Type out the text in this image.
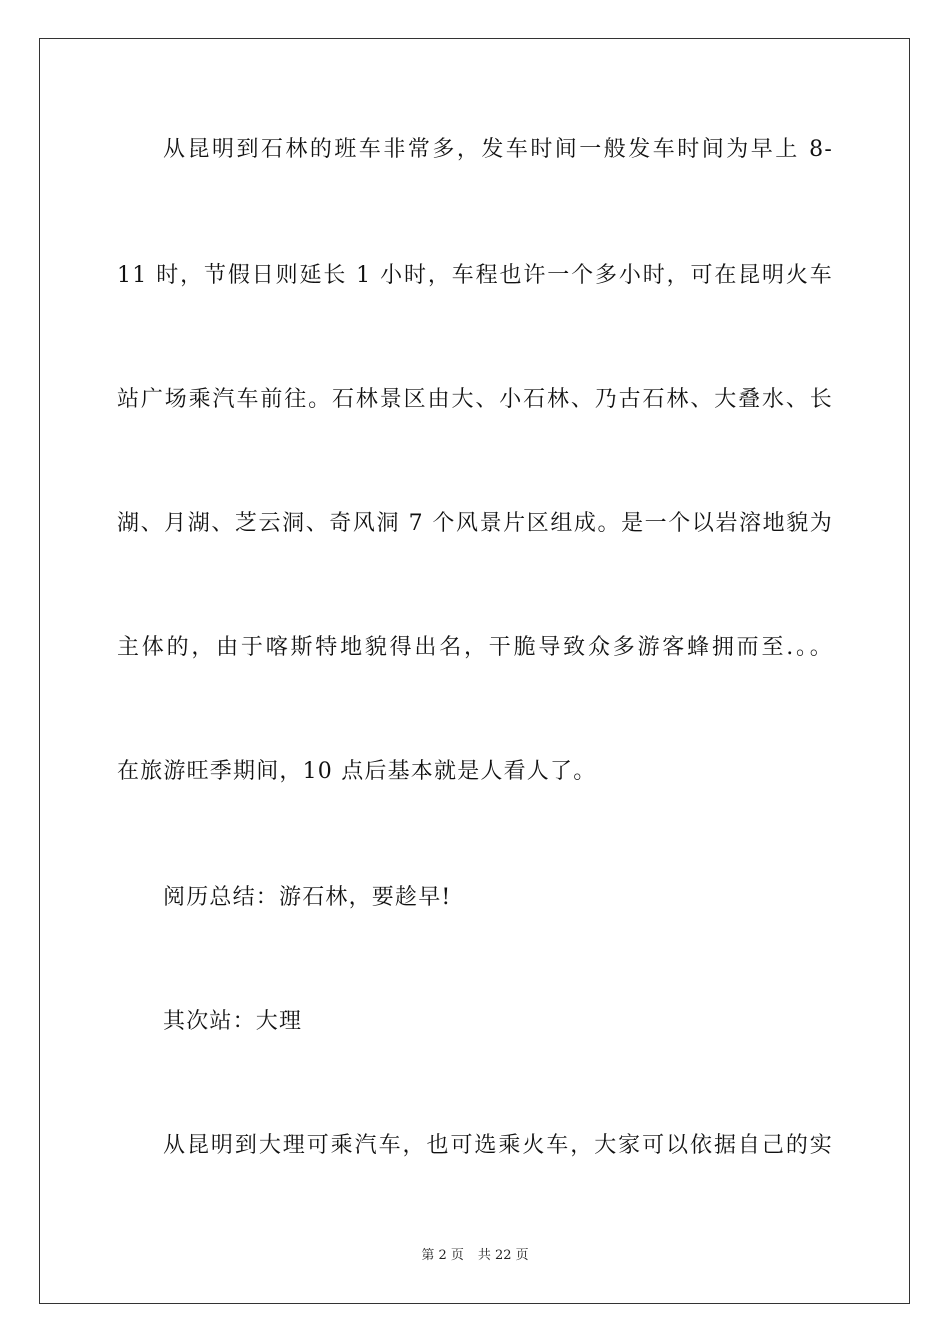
从昆明到石林的班车非常多，发车时间一般发车时间为早上 8-
11 时，节假日则延长 1 小时，车程也许一个多小时，可在昆明火车
站广场乘汽车前往。石林景区由大、小石林、乃古石林、大叠水、长
湖、月湖、芝云洞、奇风洞 7 个风景片区组成。是一个以岩溶地貌为
主体的，由于喀斯特地貌得出名，干脆导致众多游客蜂拥而至.。。
在旅游旺季期间，10 点后基本就是人看人了。
阅历总结：游石林，要趁早!
其次站：大理
从昆明到大理可乘汽车，也可选乘火车，大家可以依据自己的实
第 2 页 共 22 页
